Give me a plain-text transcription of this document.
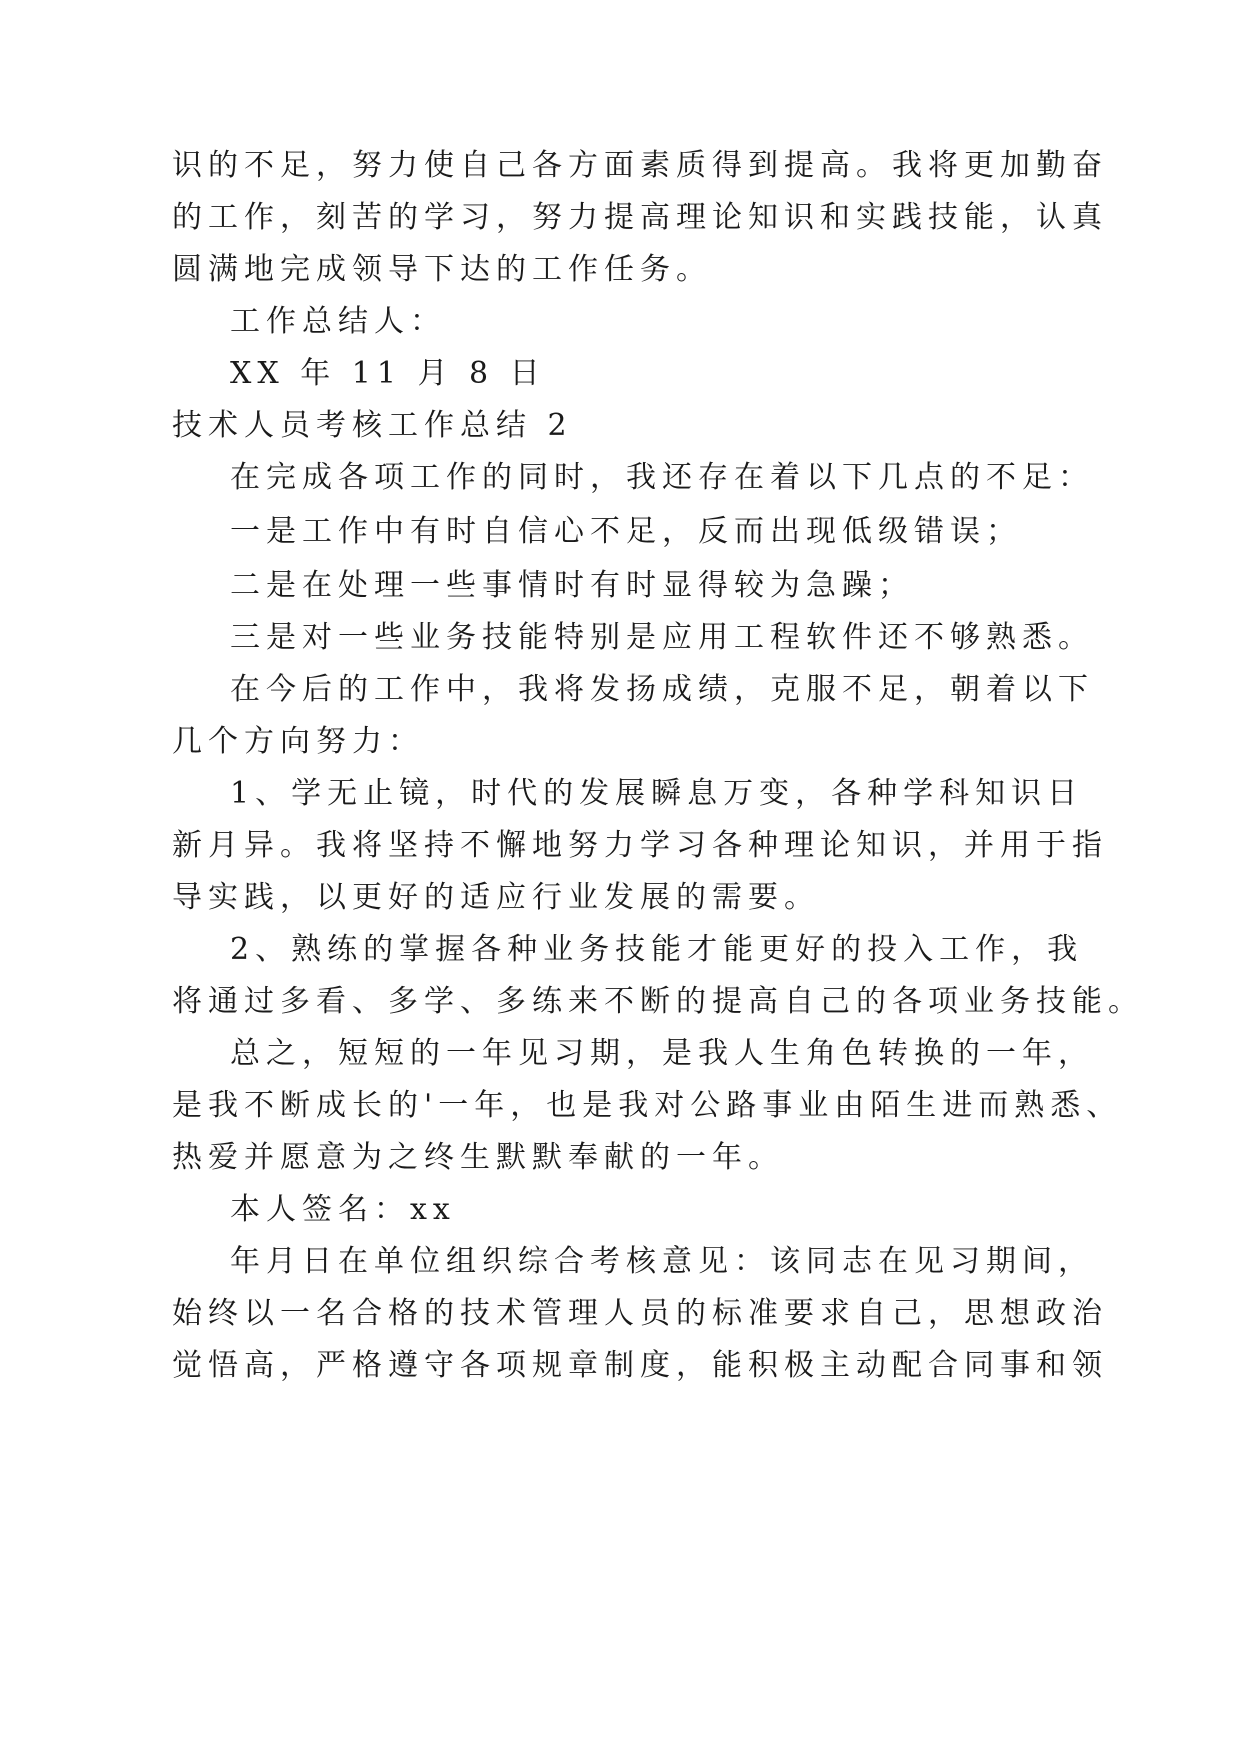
识的不足，努力使自己各方面素质得到提高。我将更加勤奋
的工作，刻苦的学习，努力提高理论知识和实践技能，认真
圆满地完成领导下达的工作任务。
工作总结人：
XX 年 11 月 8 日
技术人员考核工作总结 2
在完成各项工作的同时，我还存在着以下几点的不足：
一是工作中有时自信心不足，反而出现低级错误；
二是在处理一些事情时有时显得较为急躁；
三是对一些业务技能特别是应用工程软件还不够熟悉。
在今后的工作中，我将发扬成绩，克服不足，朝着以下
几个方向努力：
1、学无止镜，时代的发展瞬息万变，各种学科知识日
新月异。我将坚持不懈地努力学习各种理论知识，并用于指
导实践，以更好的适应行业发展的需要。
2、熟练的掌握各种业务技能才能更好的投入工作，我
将通过多看、多学、多练来不断的提高自己的各项业务技能。
总之，短短的一年见习期，是我人生角色转换的一年，
是我不断成长的'一年，也是我对公路事业由陌生进而熟悉、
热爱并愿意为之终生默默奉献的一年。
本人签名：xx
年月日在单位组织综合考核意见：该同志在见习期间，
始终以一名合格的技术管理人员的标准要求自己，思想政治
觉悟高，严格遵守各项规章制度，能积极主动配合同事和领
